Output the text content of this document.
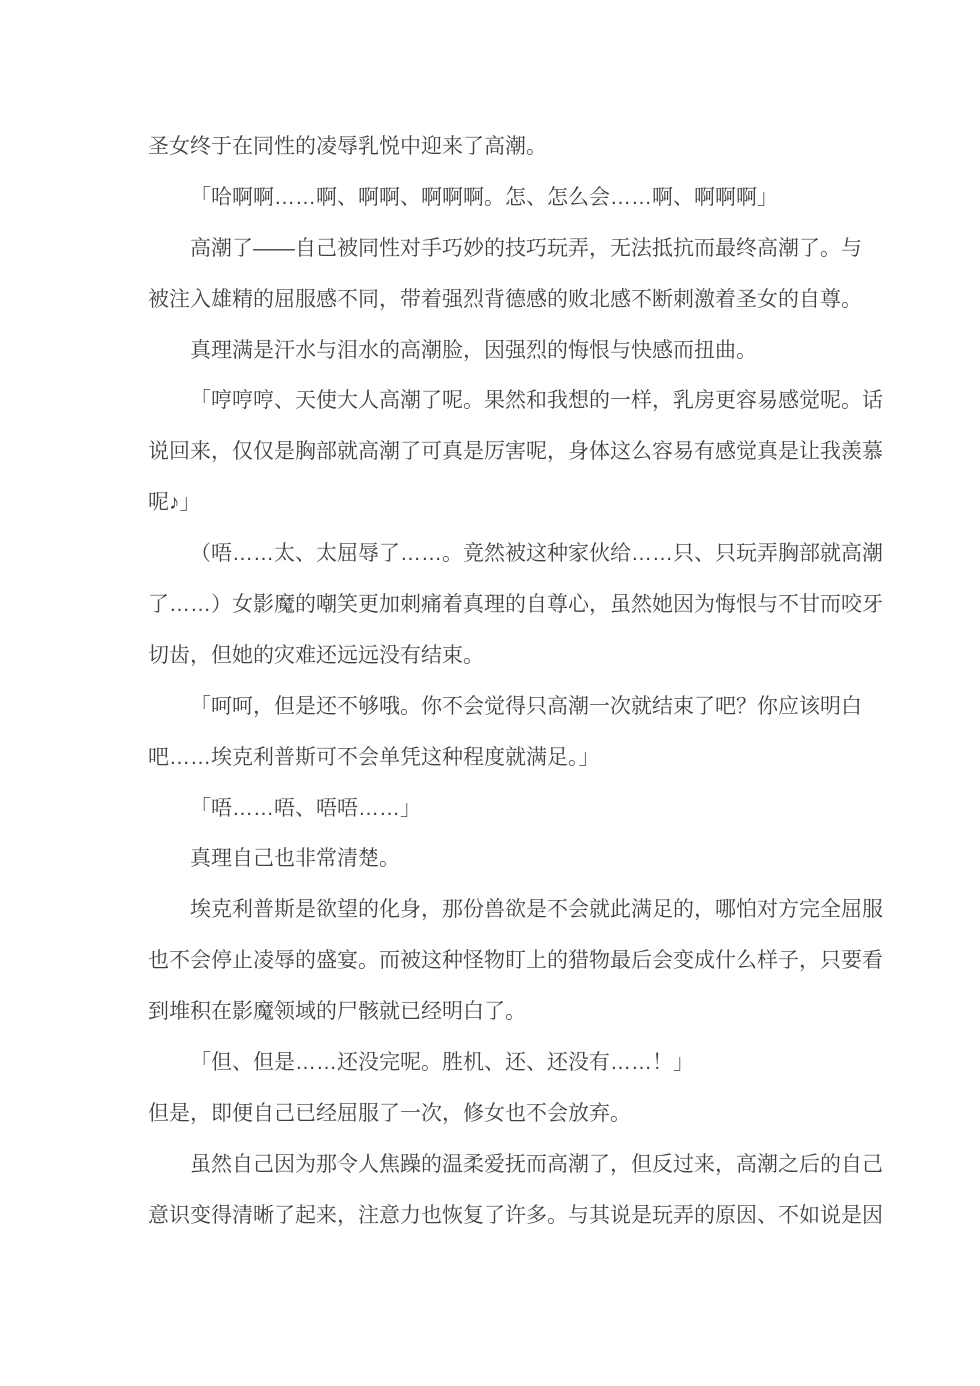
圣女终于在同性的凌辱乳悦中迎来了高潮。

「哈啊啊……啊、啊啊、啊啊啊。怎、怎么会……啊、啊啊啊」

高潮了——自己被同性对手巧妙的技巧玩弄，无法抵抗而最终高潮了。与
被注入雄精的屈服感不同，带着强烈背德感的败北感不断刺激着圣女的自尊。

真理满是汗水与泪水的高潮脸，因强烈的悔恨与快感而扭曲。

「哼哼哼、天使大人高潮了呢。果然和我想的一样，乳房更容易感觉呢。话
说回来，仅仅是胸部就高潮了可真是厉害呢，身体这么容易有感觉真是让我羡慕
呢♪」

（唔……太、太屈辱了……。竟然被这种家伙给……只、只玩弄胸部就高潮
了……）女影魔的嘲笑更加刺痛着真理的自尊心，虽然她因为悔恨与不甘而咬牙
切齿，但她的灾难还远远没有结束。

「呵呵，但是还不够哦。你不会觉得只高潮一次就结束了吧？你应该明白
吧……埃克利普斯可不会单凭这种程度就满足。」

「唔……唔、唔唔……」

真理自己也非常清楚。

埃克利普斯是欲望的化身，那份兽欲是不会就此满足的，哪怕对方完全屈服
也不会停止凌辱的盛宴。而被这种怪物盯上的猎物最后会变成什么样子，只要看
到堆积在影魔领域的尸骸就已经明白了。

「但、但是……还没完呢。胜机、还、还没有……！」

但是，即便自己已经屈服了一次，修女也不会放弃。

虽然自己因为那令人焦躁的温柔爱抚而高潮了，但反过来，高潮之后的自己
意识变得清晰了起来，注意力也恢复了许多。与其说是玩弄的原因、不如说是因
